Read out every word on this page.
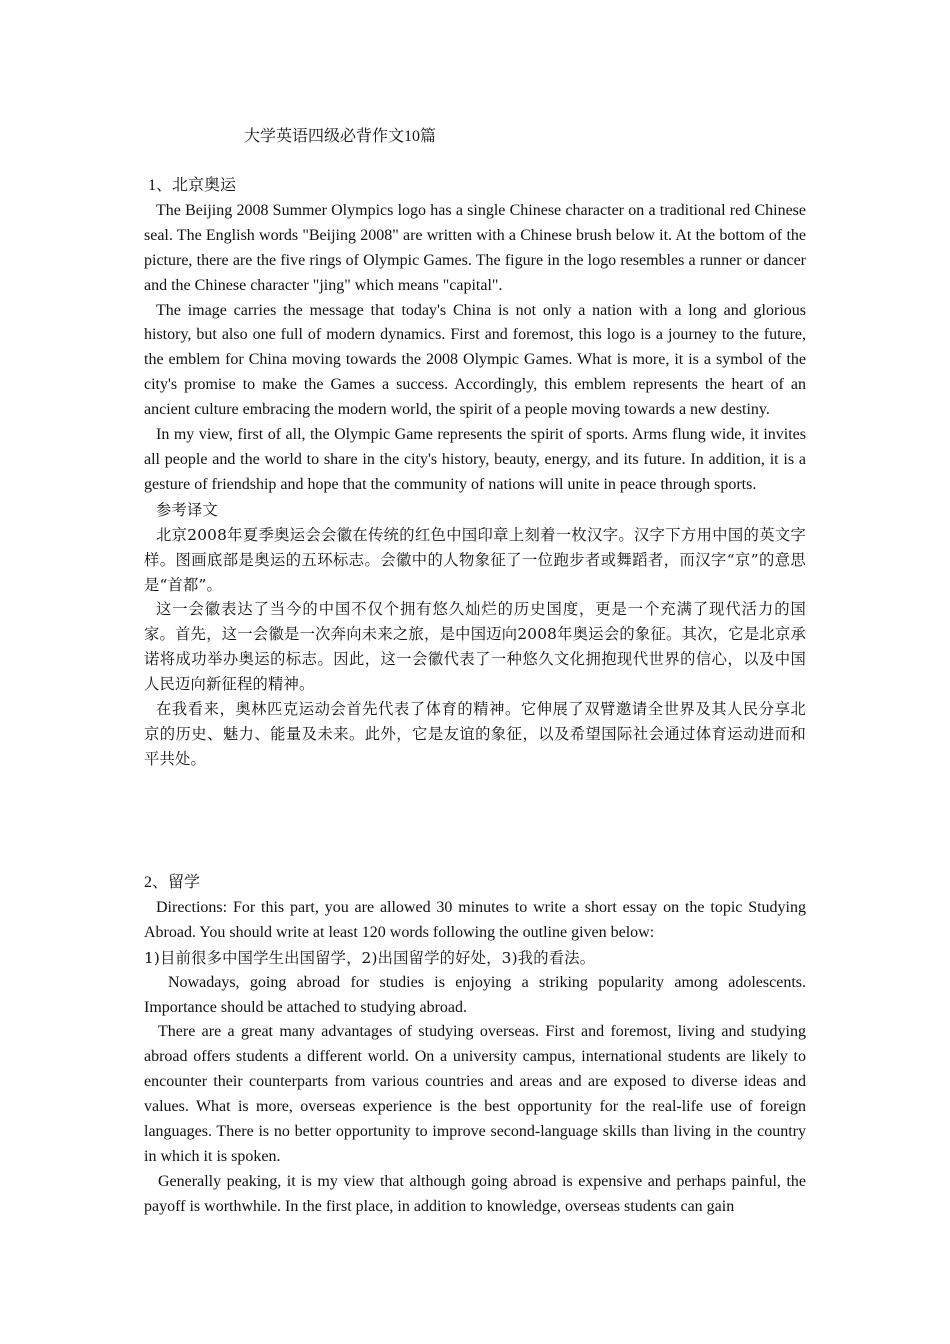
大学英语四级必背作文10篇

1、北京奥运

The Beijing 2008 Summer Olympics logo has a single Chinese character on a traditional red Chinese seal. The English words "Beijing 2008" are written with a Chinese brush below it. At the bottom of the picture, there are the five rings of Olympic Games. The figure in the logo resembles a runner or dancer and the Chinese character "jing" which means "capital".

The image carries the message that today's China is not only a nation with a long and glorious history, but also one full of modern dynamics. First and foremost, this logo is a journey to the future, the emblem for China moving towards the 2008 Olympic Games. What is more, it is a symbol of the city's promise to make the Games a success. Accordingly, this emblem represents the heart of an ancient culture embracing the modern world, the spirit of a people moving towards a new destiny.

In my view, first of all, the Olympic Game represents the spirit of sports. Arms flung wide, it invites all people and the world to share in the city's history, beauty, energy, and its future. In addition, it is a gesture of friendship and hope that the community of nations will unite in peace through sports.

参考译文

北京2008年夏季奥运会会徽在传统的红色中国印章上刻着一枚汉字。汉字下方用中国的英文字样。图画底部是奥运的五环标志。会徽中的人物象征了一位跑步者或舞蹈者，而汉字“京”的意思是“首都”。

这一会徽表达了当今的中国不仅个拥有悠久灿烂的历史国度，更是一个充满了现代活力的国家。首先，这一会徽是一次奔向未来之旅，是中国迈向2008年奥运会的象征。其次，它是北京承诺将成功举办奥运的标志。因此，这一会徽代表了一种悠久文化拥抱现代世界的信心，以及中国人民迈向新征程的精神。

在我看来，奥林匹克运动会首先代表了体育的精神。它伸展了双臂邀请全世界及其人民分享北京的历史、魅力、能量及未来。此外，它是友谊的象征，以及希望国际社会通过体育运动进而和平共处。

2、留学

Directions: For this part, you are allowed 30 minutes to write a short essay on the topic Studying Abroad. You should write at least 120 words following the outline given below:

1)目前很多中国学生出国留学，2)出国留学的好处，3)我的看法。

Nowadays, going abroad for studies is enjoying a striking popularity among adolescents. Importance should be attached to studying abroad.

There are a great many advantages of studying overseas. First and foremost, living and studying abroad offers students a different world. On a university campus, international students are likely to encounter their counterparts from various countries and areas and are exposed to diverse ideas and values. What is more, overseas experience is the best opportunity for the real-life use of foreign languages. There is no better opportunity to improve second-language skills than living in the country in which it is spoken.

Generally peaking, it is my view that although going abroad is expensive and perhaps painful, the payoff is worthwhile. In the first place, in addition to knowledge, overseas students can gain
